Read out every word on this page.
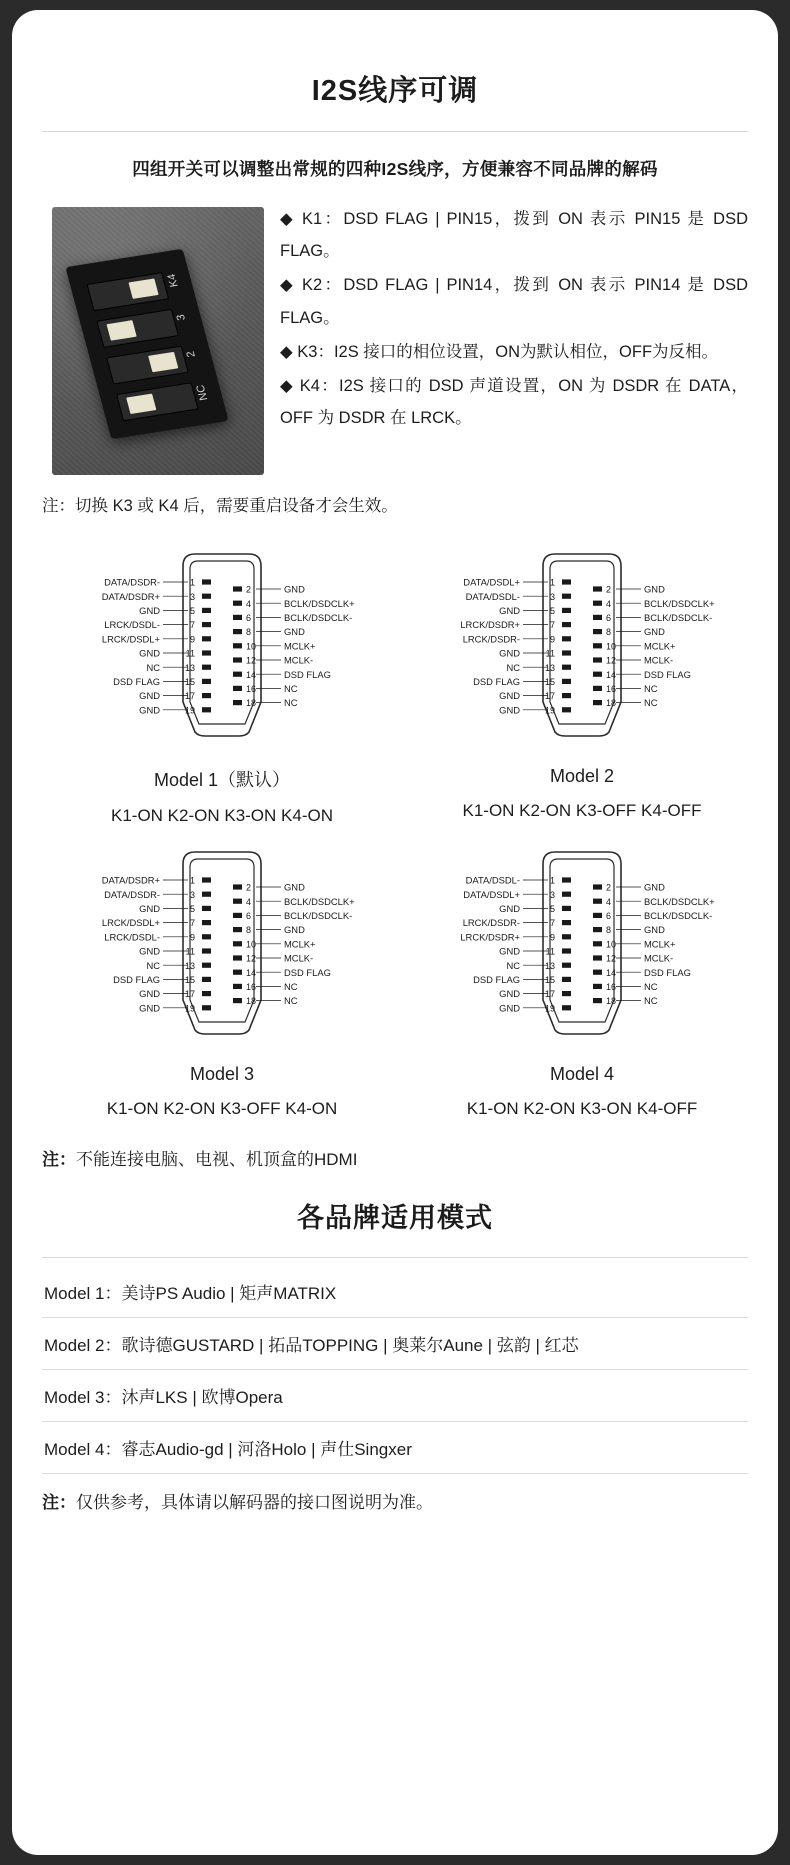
I2S线序可调
四组开关可以调整出常规的四种I2S线序，方便兼容不同品牌的解码
K4
3
2
NC

◆ K1：DSD FLAG | PIN15，拨到 ON 表示 PIN15 是 DSD FLAG。

◆ K2：DSD FLAG | PIN14，拨到 ON 表示 PIN14 是 DSD FLAG。

◆ K3：I2S 接口的相位设置，ON为默认相位，OFF为反相。

◆ K4：I2S 接口的 DSD 声道设置，ON 为 DSDR 在 DATA，OFF 为 DSDR 在 LRCK。

注：切换 K3 或 K4 后，需要重启设备才会生效。
1
3
5
7
9
11
13
15
17
19
2
4
6
8
10
12
14
16
18
DATA/DSDR-
DATA/DSDR+
GND
LRCK/DSDL-
LRCK/DSDL+
GND
NC
DSD FLAG
GND
GND
GND
BCLK/DSDCLK+
BCLK/DSDCLK-
GND
MCLK+
MCLK-
DSD FLAG
NC
NC
Model 1（默认）
K1-ON K2-ON K3-ON K4-ON
1
3
5
7
9
11
13
15
17
19
2
4
6
8
10
12
14
16
18
DATA/DSDL+
DATA/DSDL-
GND
LRCK/DSDR+
LRCK/DSDR-
GND
NC
DSD FLAG
GND
GND
GND
BCLK/DSDCLK+
BCLK/DSDCLK-
GND
MCLK+
MCLK-
DSD FLAG
NC
NC
Model 2
K1-ON K2-ON K3-OFF K4-OFF
1
3
5
7
9
11
13
15
17
19
2
4
6
8
10
12
14
16
18
DATA/DSDR+
DATA/DSDR-
GND
LRCK/DSDL+
LRCK/DSDL-
GND
NC
DSD FLAG
GND
GND
GND
BCLK/DSDCLK+
BCLK/DSDCLK-
GND
MCLK+
MCLK-
DSD FLAG
NC
NC
Model 3
K1-ON K2-ON K3-OFF K4-ON
1
3
5
7
9
11
13
15
17
19
2
4
6
8
10
12
14
16
18
DATA/DSDL-
DATA/DSDL+
GND
LRCK/DSDR-
LRCK/DSDR+
GND
NC
DSD FLAG
GND
GND
GND
BCLK/DSDCLK+
BCLK/DSDCLK-
GND
MCLK+
MCLK-
DSD FLAG
NC
NC
Model 4
K1-ON K2-ON K3-ON K4-OFF
注：不能连接电脑、电视、机顶盒的HDMI
各品牌适用模式
Model 1：美诗PS Audio | 矩声MATRIX
Model 2：歌诗德GUSTARD | 拓品TOPPING | 奥莱尔Aune | 弦韵 | 红芯
Model 3：沐声LKS | 欧博Opera
Model 4：睿志Audio-gd | 河洛Holo | 声仕Singxer
注：仅供参考，具体请以解码器的接口图说明为准。
